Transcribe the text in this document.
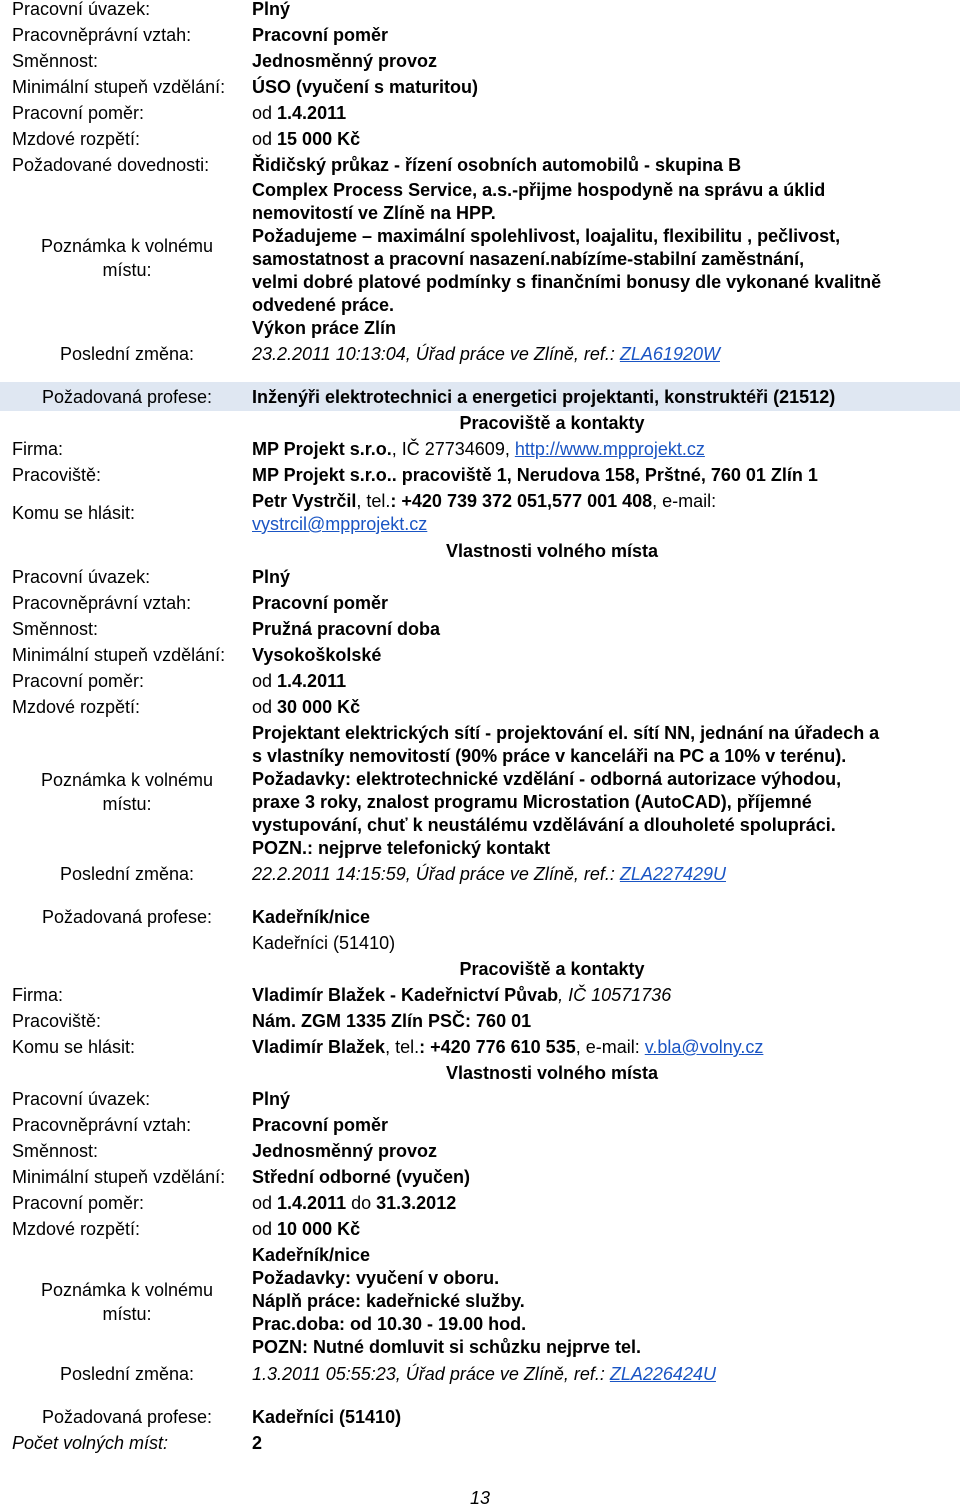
Pracovní úvazek:	Plný
Pracovněprávní vztah:	Pracovní poměr
Směnnost:	Jednosměnný provoz
Minimální stupeň vzdělání: ÚSO (vyučení s maturitou)
Pracovní poměr:	od 1.4.2011
Mzdové rozpětí:	od 15 000 Kč
Požadované dovednosti: Řidičský průkaz - řízení osobních automobilů - skupina B
Poznámka k volnému
místu:
Complex Process Service, a.s.-přijme hospodyně na správu a úklid
nemovitostí ve Zlíně na HPP.
Požadujeme – maximální spolehlivost, loajalitu, flexibilitu , pečlivost,
samostatnost a pracovní nasazení.nabízíme-stabilní zaměstnání,
velmi dobré platové podmínky s finančními bonusy dle vykonané kvalitně
odvedené práce.
Výkon práce Zlín
Poslední změna:	23.2.2011 10:13:04, Úřad práce ve Zlíně, ref.: ZLA61920W
Požadovaná profese:	Inženýři elektrotechnici a energetici projektanti, konstruktéři (21512)
Pracoviště a kontakty
Firma:	MP Projekt s.r.o., IČ 27734609, http://www.mpprojekt.cz
Pracoviště:	MP Projekt s.r.o.. pracoviště 1, Nerudova 158, Prštné, 760 01 Zlín 1
Komu se hlásit:
Petr Vystrčil, tel.: +420 739 372 051,577 001 408, e-mail:
vystrcil@mpprojekt.cz
Vlastnosti volného místa
Pracovní úvazek:	Plný
Pracovněprávní vztah:	Pracovní poměr
Směnnost:	Pružná pracovní doba
Minimální stupeň vzdělání: Vysokoškolské
Pracovní poměr:	od 1.4.2011
Mzdové rozpětí:	od 30 000 Kč
Projektant elektrických sítí - projektování el. sítí NN, jednání na úřadech a
s vlastníky nemovitostí (90% práce v kanceláři na PC a 10% v terénu).
Požadavky: elektrotechnické vzdělání - odborná autorizace výhodou,
praxe 3 roky, znalost programu Microstation (AutoCAD), příjemné
vystupování, chuť k neustálému vzdělávání a dlouholeté spolupráci.
POZN.: nejprve telefonický kontakt
Poznámka k volnému
místu:
Poslední změna:	22.2.2011 14:15:59, Úřad práce ve Zlíně, ref.: ZLA227429U
Požadovaná profese:	Kadeřník/nice
Kadeřníci (51410)
Pracoviště a kontakty
Firma:	Vladimír Blažek - Kadeřnictví Půvab, IČ 10571736
Pracoviště:	Nám. ZGM 1335 Zlín PSČ: 760 01
Komu se hlásit:	Vladimír Blažek, tel.: +420 776 610 535, e-mail: v.bla@volny.cz
Vlastnosti volného místa
Pracovní úvazek:	Plný
Pracovněprávní vztah:	Pracovní poměr
Směnnost:	Jednosměnný provoz
Minimální stupeň vzdělání: Střední odborné (vyučen)
Pracovní poměr:	od 1.4.2011 do 31.3.2012
Mzdové rozpětí:	od 10 000 Kč
Kadeřník/nice
Požadavky: vyučení v oboru.
Náplň práce: kadeřnické služby.
Prac.doba: od 10.30 - 19.00 hod.
POZN: Nutné domluvit si schůzku nejprve tel.
Poznámka k volnému
místu:
Poslední změna:	1.3.2011 05:55:23, Úřad práce ve Zlíně, ref.: ZLA226424U
Požadovaná profese:	Kadeřníci (51410)
Počet volných míst:	2
13
